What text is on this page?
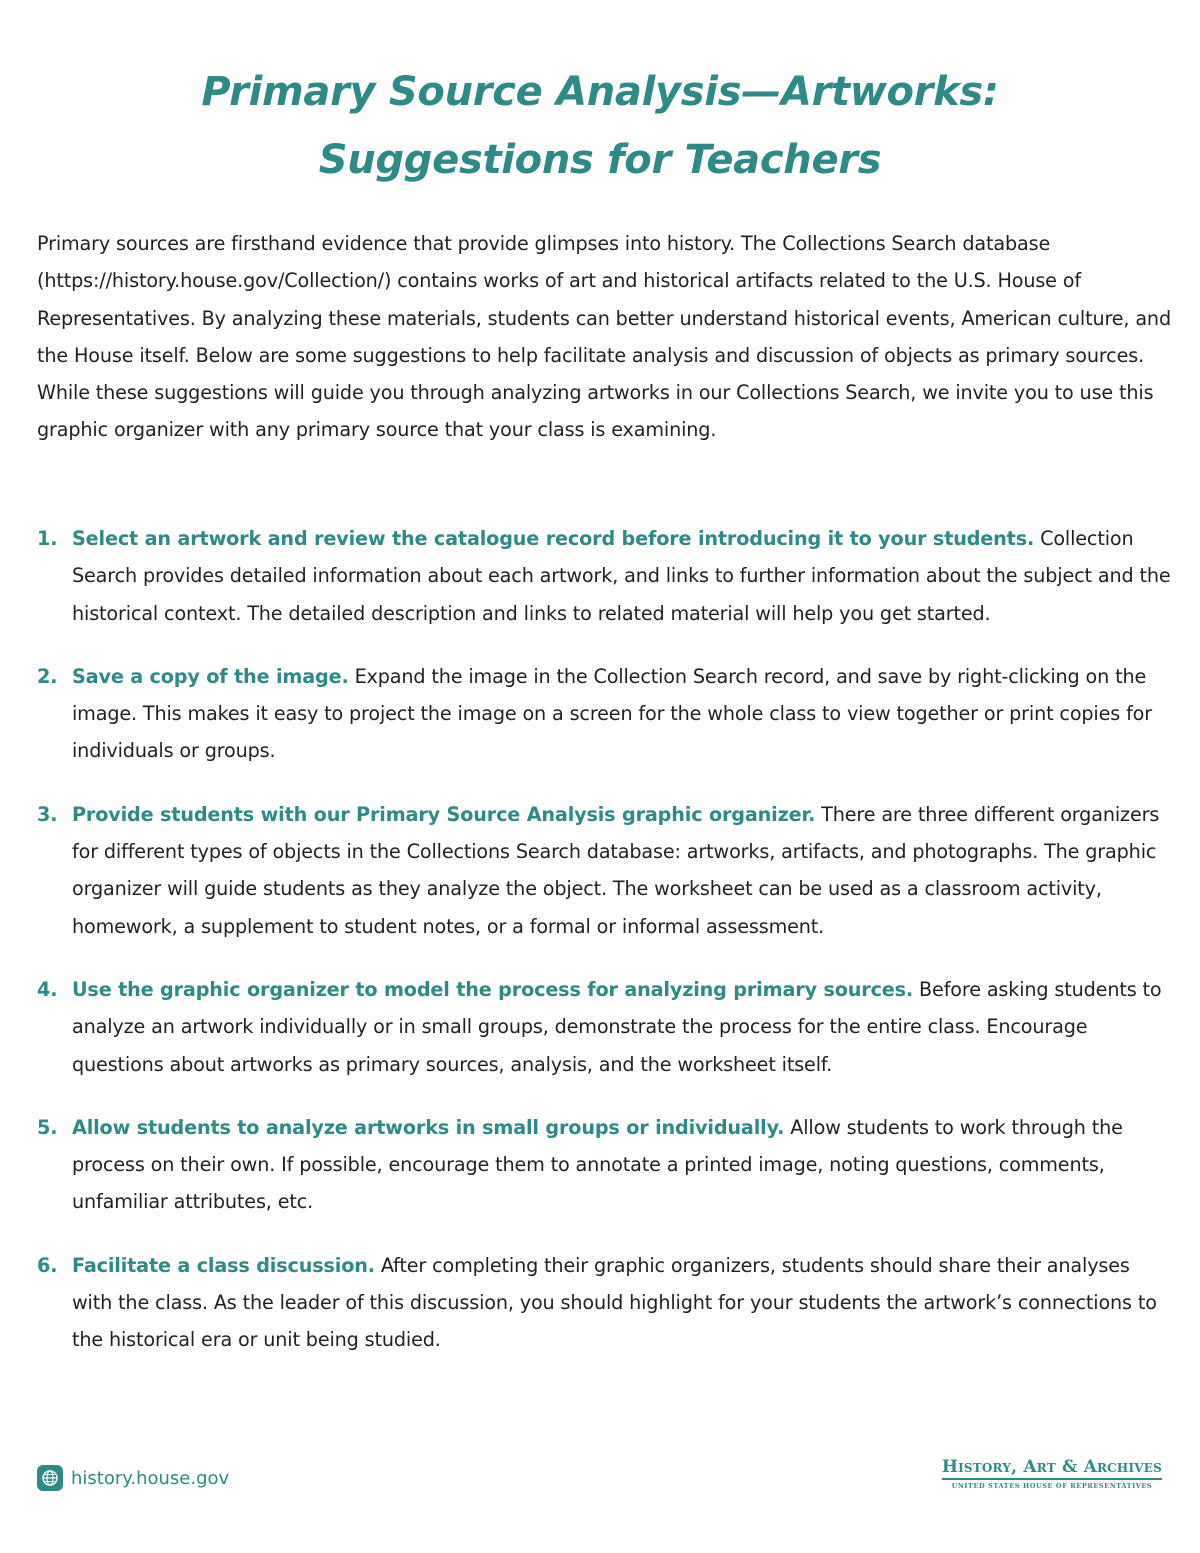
Primary Source Analysis—Artworks:
Suggestions for Teachers

Primary sources are firsthand evidence that provide glimpses into history. The Collections Search database (https://history.house.gov/Collection/) contains works of art and historical artifacts related to the U.S. House of Representatives. By analyzing these materials, students can better understand historical events, American culture, and the House itself. Below are some suggestions to help facilitate analysis and discussion of objects as primary sources. While these suggestions will guide you through analyzing artworks in our Collections Search, we invite you to use this graphic organizer with any primary source that your class is examining.

1. Select an artwork and review the catalogue record before introducing it to your students. Collection Search provides detailed information about each artwork, and links to further information about the subject and the historical context. The detailed description and links to related material will help you get started.
2. Save a copy of the image. Expand the image in the Collection Search record, and save by right-clicking on the image. This makes it easy to project the image on a screen for the whole class to view together or print copies for individuals or groups.
3. Provide students with our Primary Source Analysis graphic organizer. There are three different organizers for different types of objects in the Collections Search database: artworks, artifacts, and photographs. The graphic organizer will guide students as they analyze the object. The worksheet can be used as a classroom activity, homework, a supplement to student notes, or a formal or informal assessment.
4. Use the graphic organizer to model the process for analyzing primary sources. Before asking students to analyze an artwork individually or in small groups, demonstrate the process for the entire class. Encourage questions about artworks as primary sources, analysis, and the worksheet itself.
5. Allow students to analyze artworks in small groups or individually. Allow students to work through the process on their own. If possible, encourage them to annotate a printed image, noting questions, comments, unfamiliar attributes, etc.
6. Facilitate a class discussion. After completing their graphic organizers, students should share their analyses with the class. As the leader of this discussion, you should highlight for your students the artwork’s connections to the historical era or unit being studied.
history.house.gov
History, Art & Archives
UNITED STATES HOUSE OF REPRESENTATIVES
